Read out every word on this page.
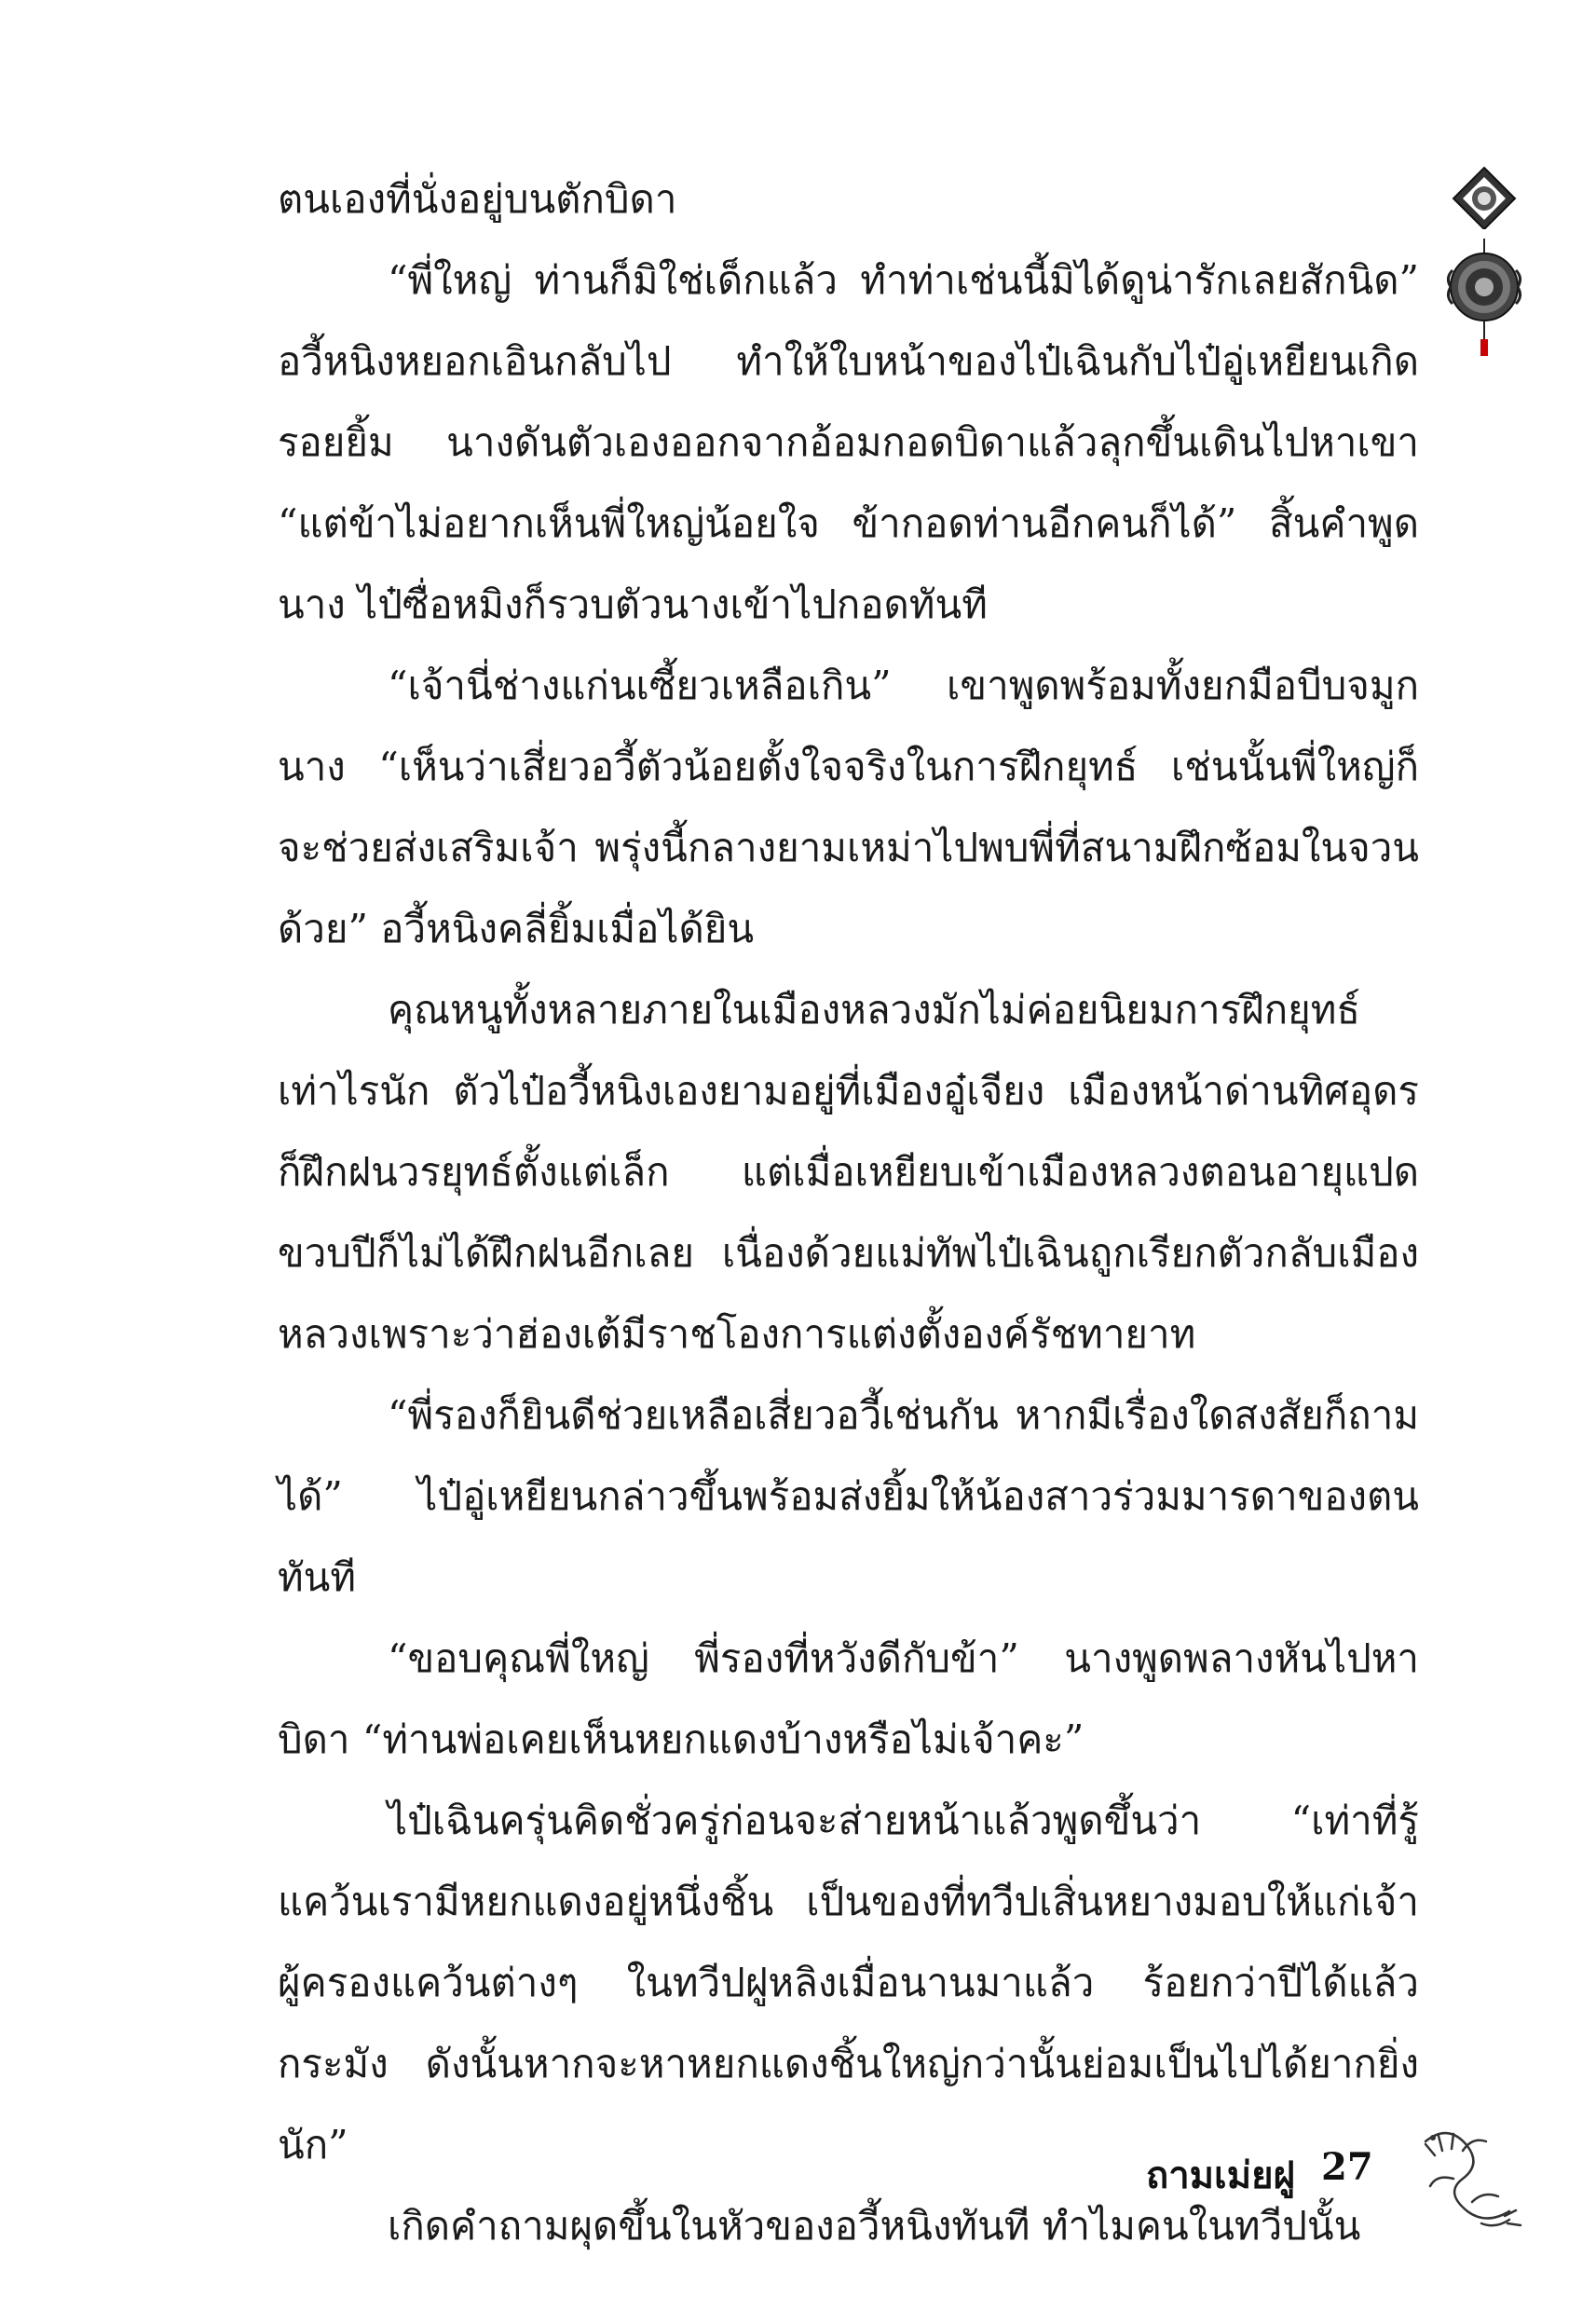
ตนเองที่นั่งอยู่บนตักบิดา

“พี่ใหญ่ ท่านก็มิใช่เด็กแล้ว ทำท่าเช่นนี้มิได้ดูน่ารักเลยสักนิด” อวี้หนิงหยอกเอินกลับไป ทำให้ใบหน้าของไป๋เฉินกับไป๋อู่เหยียนเกิดรอยยิ้ม นางดันตัวเองออกจากอ้อมกอดบิดาแล้วลุกขึ้นเดินไปหาเขา “แต่ข้าไม่อยากเห็นพี่ใหญ่น้อยใจ ข้ากอดท่านอีกคนก็ได้” สิ้นคำพูดนาง ไป๋ซื่อหมิงก็รวบตัวนางเข้าไปกอดทันที

“เจ้านี่ช่างแก่นเซี้ยวเหลือเกิน” เขาพูดพร้อมทั้งยกมือบีบจมูกนาง “เห็นว่าเสี่ยวอวี้ตัวน้อยตั้งใจจริงในการฝึกยุทธ์ เช่นนั้นพี่ใหญ่ก็จะช่วยส่งเสริมเจ้า พรุ่งนี้กลางยามเหม่าไปพบพี่ที่สนามฝึกซ้อมในจวนด้วย” อวี้หนิงคลี่ยิ้มเมื่อได้ยิน

คุณหนูทั้งหลายภายในเมืองหลวงมักไม่ค่อยนิยมการฝึกยุทธ์เท่าไรนัก ตัวไป๋อวี้หนิงเองยามอยู่ที่เมืองอู๋เจียง เมืองหน้าด่านทิศอุดรก็ฝึกฝนวรยุทธ์ตั้งแต่เล็ก แต่เมื่อเหยียบเข้าเมืองหลวงตอนอายุแปดขวบปีก็ไม่ได้ฝึกฝนอีกเลย เนื่องด้วยแม่ทัพไป๋เฉินถูกเรียกตัวกลับเมืองหลวงเพราะว่าฮ่องเต้มีราชโองการแต่งตั้งองค์รัชทายาท

“พี่รองก็ยินดีช่วยเหลือเสี่ยวอวี้เช่นกัน หากมีเรื่องใดสงสัยก็ถามได้” ไป๋อู่เหยียนกล่าวขึ้นพร้อมส่งยิ้มให้น้องสาวร่วมมารดาของตนทันที

“ขอบคุณพี่ใหญ่ พี่รองที่หวังดีกับข้า” นางพูดพลางหันไปหาบิดา “ท่านพ่อเคยเห็นหยกแดงบ้างหรือไม่เจ้าคะ”

ไป๋เฉินครุ่นคิดชั่วครู่ก่อนจะส่ายหน้าแล้วพูดขึ้นว่า “เท่าที่รู้แคว้นเรามีหยกแดงอยู่หนึ่งชิ้น เป็นของที่ทวีปเสิ่นหยางมอบให้แก่เจ้าผู้ครองแคว้นต่างๆ ในทวีปฝูหลิงเมื่อนานมาแล้ว ร้อยกว่าปีได้แล้วกระมัง ดังนั้นหากจะหาหยกแดงชิ้นใหญ่กว่านั้นย่อมเป็นไปได้ยากยิ่งนัก”

เกิดคำถามผุดขึ้นในหัวของอวี้หนิงทันที ทำไมคนในทวีปนั้น

ถามเม่ยฝู 27
